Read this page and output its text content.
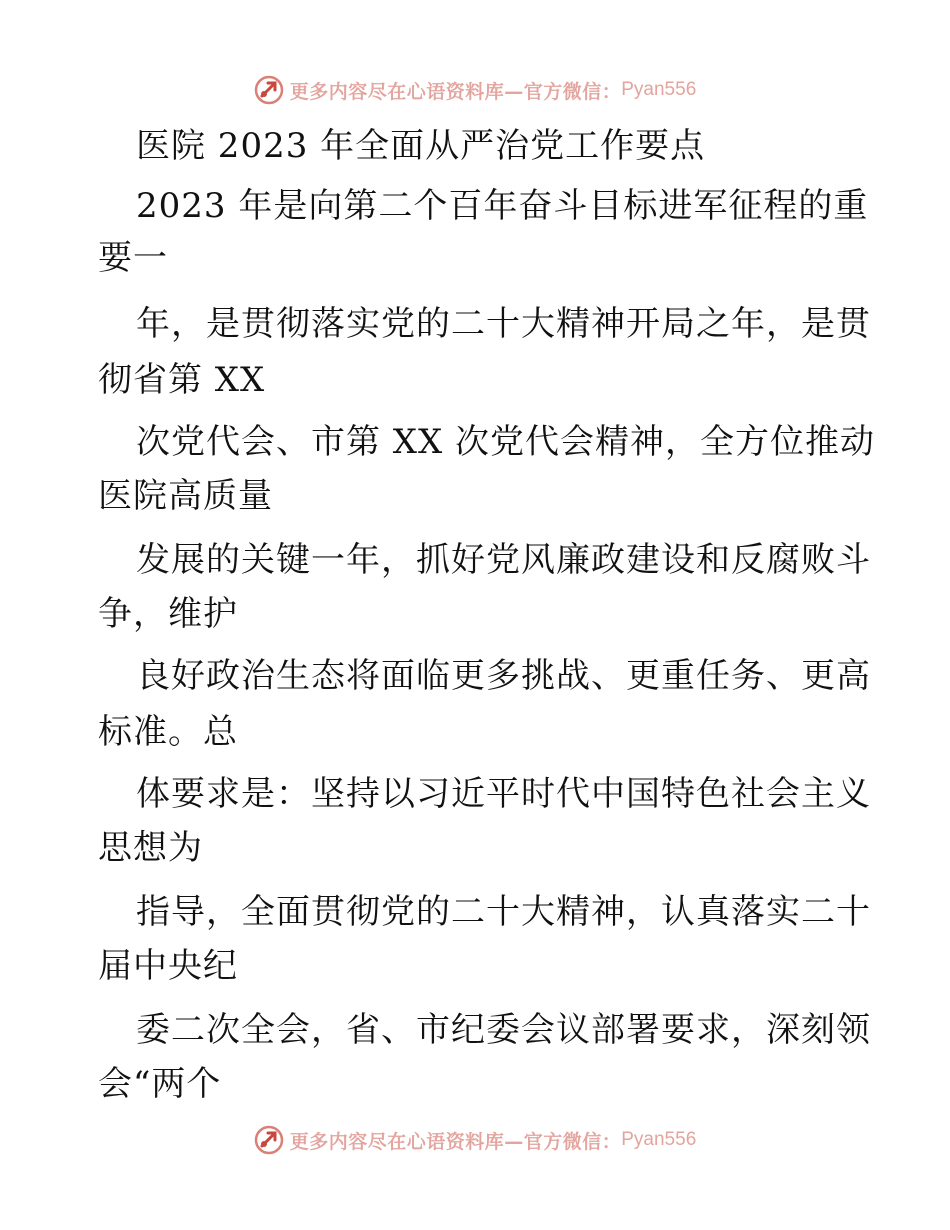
更多内容尽在心语资料库—官方微信： Pyan556
医院 2023 年全面从严治党工作要点
2023 年是向第二个百年奋斗目标进军征程的重
要一
年，是贯彻落实党的二十大精神开局之年，是贯
彻省第 XX
次党代会、市第 XX 次党代会精神，全方位推动
医院高质量
发展的关键一年，抓好党风廉政建设和反腐败斗
争，维护
良好政治生态将面临更多挑战、更重任务、更高
标准。总
体要求是：坚持以习近平时代中国特色社会主义
思想为
指导，全面贯彻党的二十大精神，认真落实二十
届中央纪
委二次全会，省、市纪委会议部署要求，深刻领
会“两个
更多内容尽在心语资料库—官方微信： Pyan556
